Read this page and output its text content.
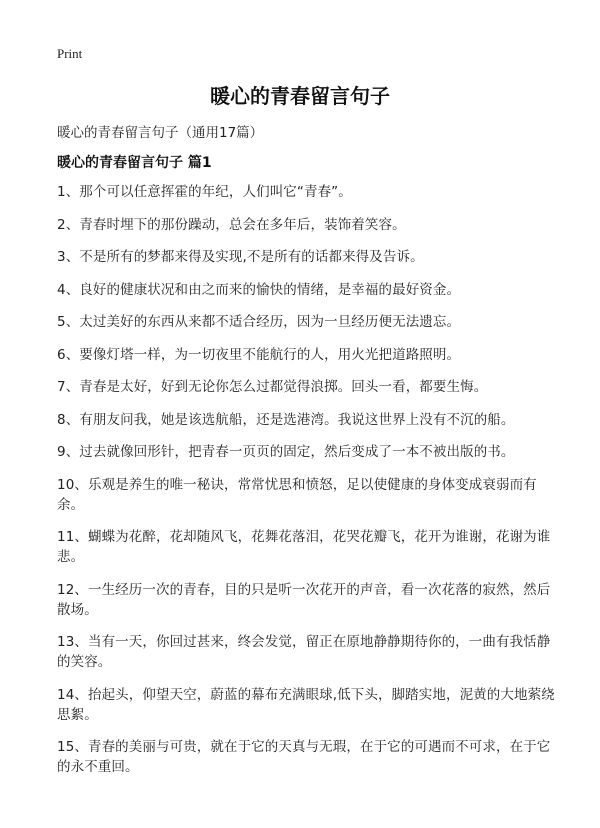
Print
暖心的青春留言句子
暖心的青春留言句子（通用17篇）
暖心的青春留言句子 篇1
1、那个可以任意挥霍的年纪，人们叫它“青春”。
2、青春时埋下的那份躁动，总会在多年后，装饰着笑容。
3、不是所有的梦都来得及实现,不是所有的话都来得及告诉。
4、良好的健康状况和由之而来的愉快的情绪，是幸福的最好资金。
5、太过美好的东西从来都不适合经历，因为一旦经历便无法遗忘。
6、要像灯塔一样，为一切夜里不能航行的人，用火光把道路照明。
7、青春是太好，好到无论你怎么过都觉得浪掷。回头一看，都要生悔。
8、有朋友问我，她是该选航船，还是选港湾。我说这世界上没有不沉的船。
9、过去就像回形针，把青春一页页的固定，然后变成了一本不被出版的书。
10、乐观是养生的唯一秘诀，常常忧思和愤怒，足以使健康的身体变成衰弱而有余。
11、蝴蝶为花醉，花却随风飞，花舞花落泪，花哭花瓣飞，花开为谁谢，花谢为谁悲。
12、一生经历一次的青春，目的只是听一次花开的声音，看一次花落的寂然，然后散场。
13、当有一天，你回过甚来，终会发觉，留正在原地静静期待你的，一曲有我恬静的笑容。
14、抬起头，仰望天空，蔚蓝的幕布充满眼球,低下头，脚踏实地，泥黄的大地萦绕思絮。
15、青春的美丽与可贵，就在于它的天真与无瑕，在于它的可遇而不可求，在于它的永不重回。
